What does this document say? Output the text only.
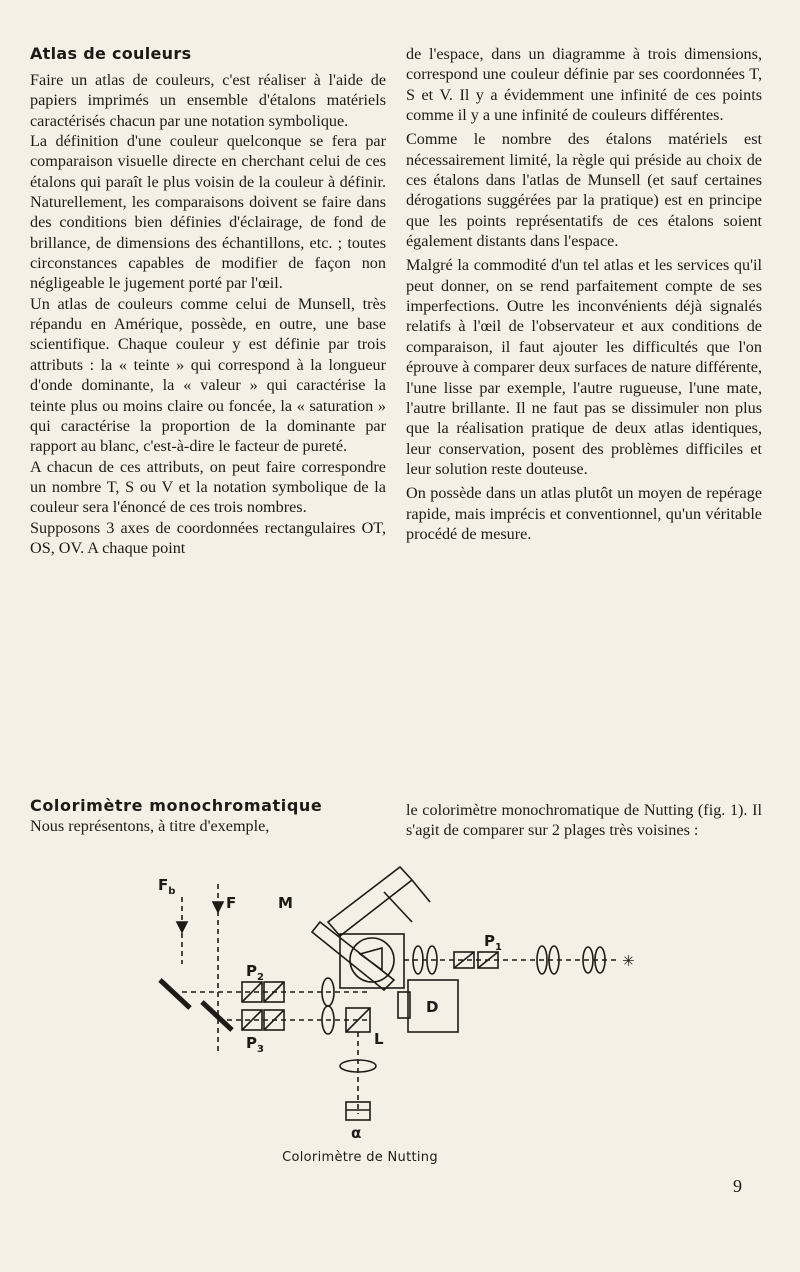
Atlas de couleurs

Faire un atlas de couleurs, c'est réaliser à l'aide de papiers imprimés un ensemble d'étalons matériels caractérisés chacun par une notation symbolique.

La définition d'une couleur quelconque se fera par comparaison visuelle directe en cherchant celui de ces étalons qui paraît le plus voisin de la couleur à définir. Naturellement, les comparaisons doivent se faire dans des conditions bien définies d'éclairage, de fond de brillance, de dimensions des échantillons, etc. ; toutes circonstances capables de modifier de façon non négligeable le jugement porté par l'œil.

Un atlas de couleurs comme celui de Munsell, très répandu en Amérique, possède, en outre, une base scientifique. Chaque couleur y est définie par trois attributs : la « teinte » qui correspond à la longueur d'onde dominante, la « valeur » qui caractérise la teinte plus ou moins claire ou foncée, la « saturation » qui caractérise la proportion de la dominante par rapport au blanc, c'est-à-dire le facteur de pureté.

A chacun de ces attributs, on peut faire correspondre un nombre T, S ou V et la notation symbolique de la couleur sera l'énoncé de ces trois nombres.

Supposons 3 axes de coordonnées rectangulaires OT, OS, OV. A chaque point

de l'espace, dans un diagramme à trois dimensions, correspond une couleur définie par ses coordonnées T, S et V. Il y a évidemment une infinité de ces points comme il y a une infinité de couleurs différentes.

Comme le nombre des étalons matériels est nécessairement limité, la règle qui préside au choix de ces étalons dans l'atlas de Munsell (et sauf certaines dérogations suggérées par la pratique) est en principe que les points représentatifs de ces étalons soient également distants dans l'espace.

Malgré la commodité d'un tel atlas et les services qu'il peut donner, on se rend parfaitement compte de ses imperfections. Outre les inconvénients déjà signalés relatifs à l'œil de l'observateur et aux conditions de comparaison, il faut ajouter les difficultés que l'on éprouve à comparer deux surfaces de nature différente, l'une lisse par exemple, l'autre rugueuse, l'une mate, l'autre brillante. Il ne faut pas se dissimuler non plus que la réalisation pratique de deux atlas identiques, leur conservation, posent des problèmes difficiles et leur solution reste douteuse.

On possède dans un atlas plutôt un moyen de repérage rapide, mais imprécis et conventionnel, qu'un véritable procédé de mesure.

Colorimètre monochromatique

Nous représentons, à titre d'exemple,

le colorimètre monochromatique de Nutting (fig. 1). Il s'agit de comparer sur 2 plages très voisines :

$F_b$
F	M
$P_2$
$P_3$
$P_1$
D
L
α
✳
Colorimètre de Nutting
9
